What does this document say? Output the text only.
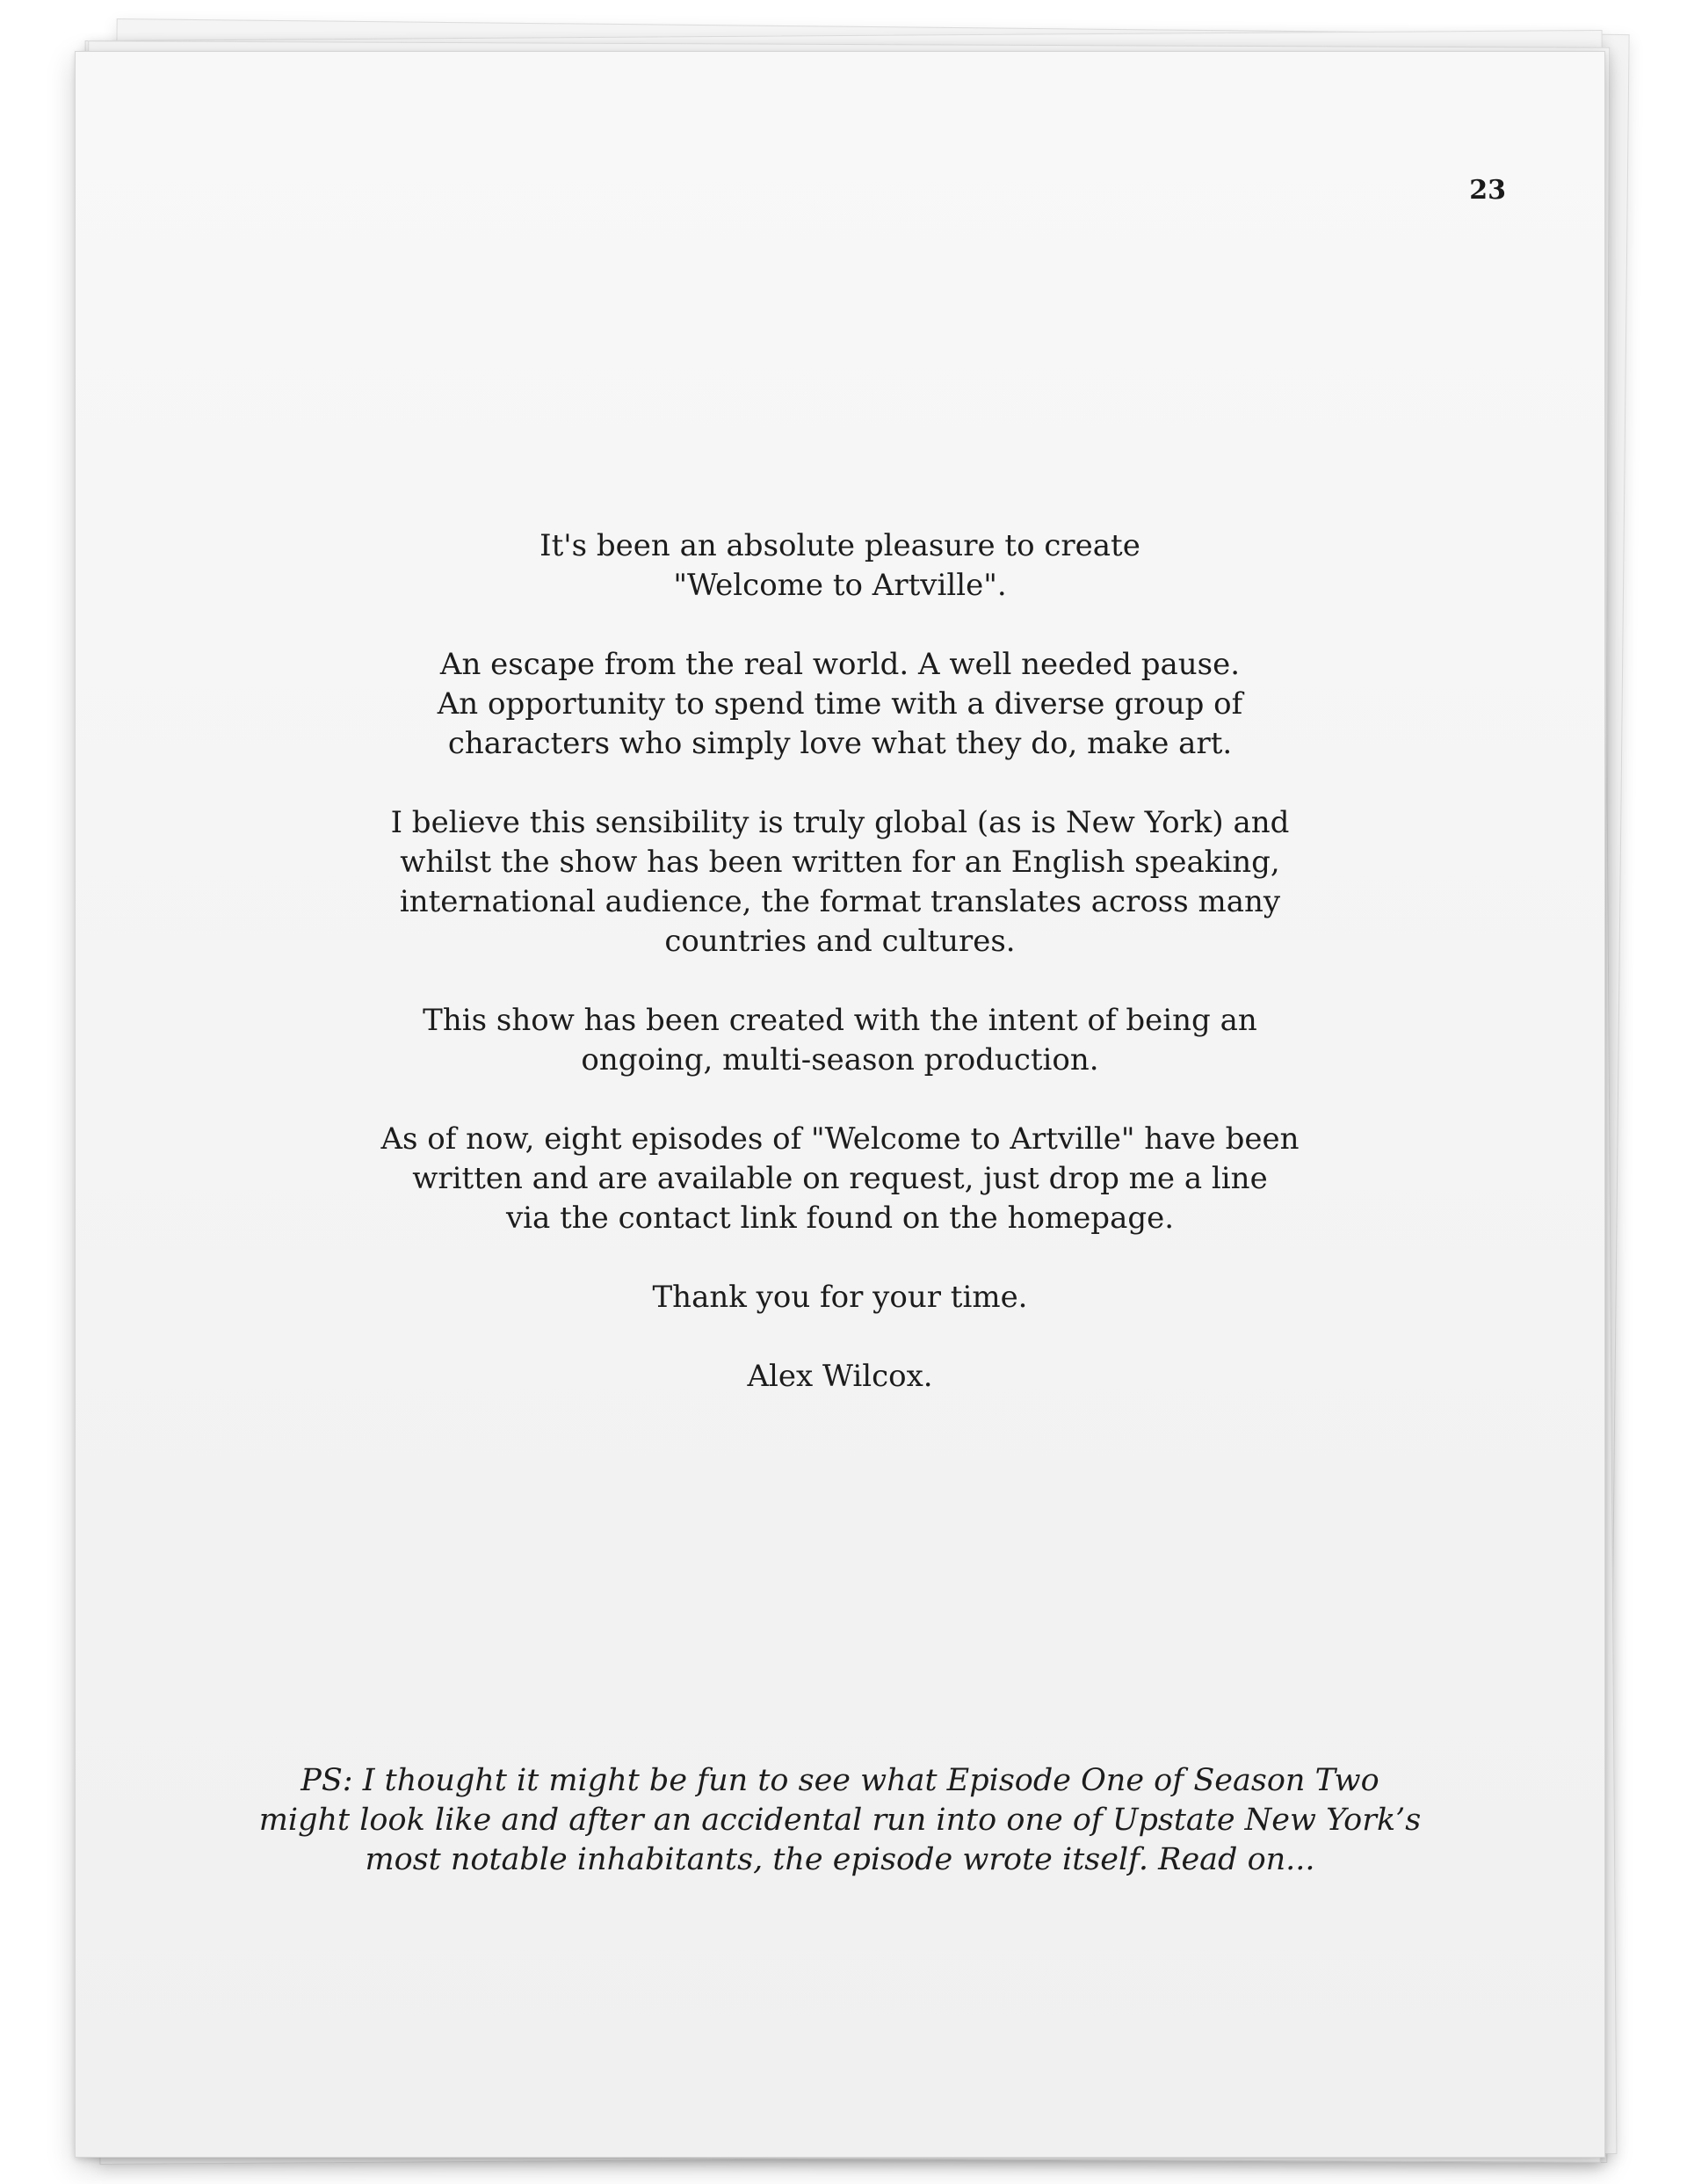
23

It's been an absolute pleasure to create
"Welcome to Artville".

An escape from the real world. A well needed pause.
An opportunity to spend time with a diverse group of
characters who simply love what they do, make art.

I believe this sensibility is truly global (as is New York) and
whilst the show has been written for an English speaking,
international audience, the format translates across many
countries and cultures.

This show has been created with the intent of being an
ongoing, multi-season production.

As of now, eight episodes of "Welcome to Artville" have been
written and are available on request, just drop me a line
via the contact link found on the homepage.

Thank you for your time.

Alex Wilcox.

PS: I thought it might be fun to see what Episode One of Season Two
might look like and after an accidental run into one of Upstate New York’s
most notable inhabitants, the episode wrote itself. Read on...
